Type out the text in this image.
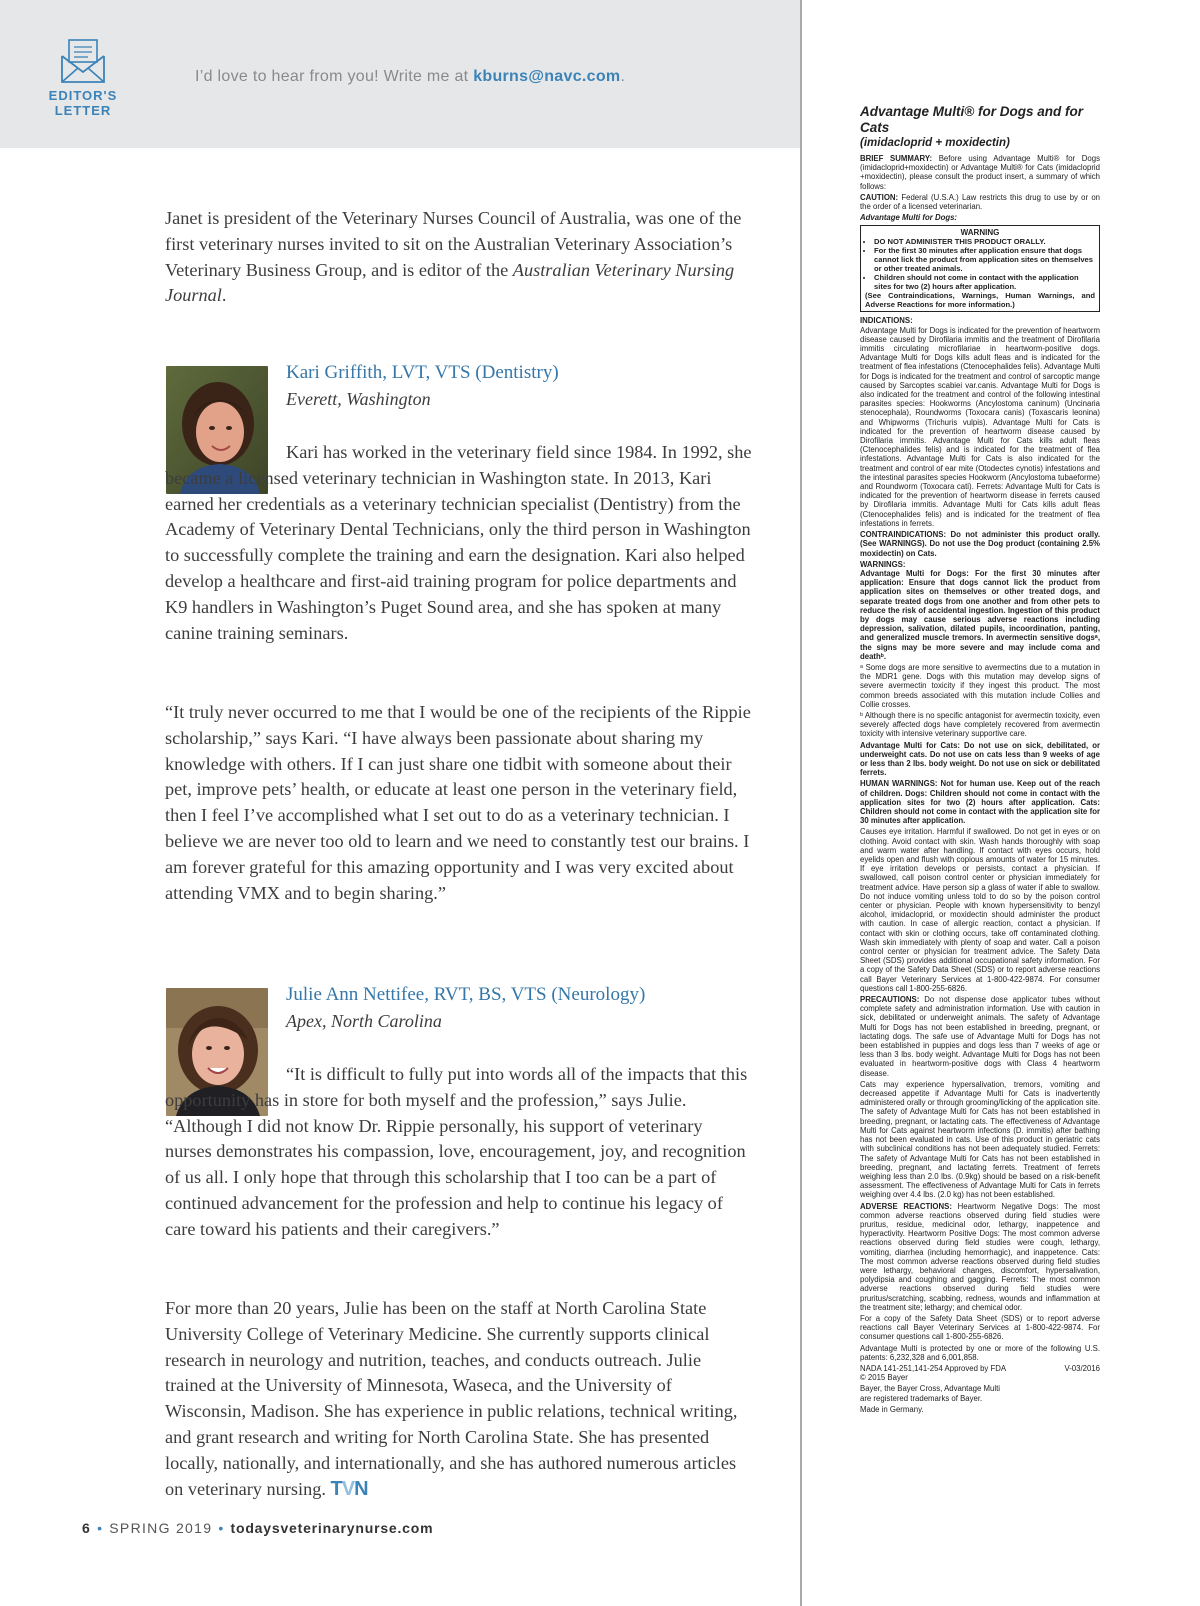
EDITOR'S
LETTER
I’d love to hear from you! Write me at kburns@navc.com.

Janet is president of the Veterinary Nurses Council of Australia, was one of the first veterinary nurses invited to sit on the Australian Veterinary Association’s Veterinary Business Group, and is editor of the Australian Veterinary Nursing Journal.

Kari Griffith, LVT, VTS (Dentistry)
Everett, Washington

Kari has worked in the veterinary field since 1984. In 1992, she became a licensed veterinary technician in Washington state. In 2013, Kari earned her credentials as a veterinary technician specialist (Dentistry) from the Academy of Veterinary Dental Technicians, only the third person in Washington to successfully complete the training and earn the designation. Kari also helped develop a healthcare and first-aid training program for police departments and K9 handlers in Washington’s Puget Sound area, and she has spoken at many canine training seminars.

“It truly never occurred to me that I would be one of the recipients of the Rippie scholarship,” says Kari. “I have always been passionate about sharing my knowledge with others. If I can just share one tidbit with someone about their pet, improve pets’ health, or educate at least one person in the veterinary field, then I feel I’ve accomplished what I set out to do as a veterinary technician. I believe we are never too old to learn and we need to constantly test our brains. I am forever grateful for this amazing opportunity and I was very excited about attending VMX and to begin sharing.”

Julie Ann Nettifee, RVT, BS, VTS (Neurology)
Apex, North Carolina

“It is difficult to fully put into words all of the impacts that this opportunity has in store for both myself and the profession,” says Julie. “Although I did not know Dr. Rippie personally, his support of veterinary nurses demonstrates his compassion, love, encouragement, joy, and recognition of us all. I only hope that through this scholarship that I too can be a part of continued advancement for the profession and help to continue his legacy of care toward his patients and their caregivers.”

For more than 20 years, Julie has been on the staff at North Carolina State University College of Veterinary Medicine. She currently supports clinical research in neurology and nutrition, teaches, and conducts outreach. Julie trained at the University of Minnesota, Waseca, and the University of Wisconsin, Madison. She has experience in public relations, technical writing, and grant research and writing for North Carolina State. She has presented locally, nationally, and internationally, and she has authored numerous articles on veterinary nursing. TVN

6 • SPRING 2019 • todaysveterinarynurse.com

Advantage Multi® for Dogs and for Cats

(imidacloprid + moxidectin)

BRIEF SUMMARY: Before using Advantage Multi® for Dogs (imidacloprid+moxidectin) or Advantage Multi® for Cats (imidacloprid +moxidectin), please consult the product insert, a summary of which follows:

CAUTION: Federal (U.S.A.) Law restricts this drug to use by or on the order of a licensed veterinarian.

Advantage Multi for Dogs:

WARNING
• DO NOT ADMINISTER THIS PRODUCT ORALLY.
• For the first 30 minutes after application ensure that dogs cannot lick the product from application sites on themselves or other treated animals.
• Children should not come in contact with the application sites for two (2) hours after application.
(See Contraindications, Warnings, Human Warnings, and Adverse Reactions for more information.)

INDICATIONS:
Advantage Multi for Dogs is indicated for the prevention of heartworm disease caused by Dirofilaria immitis and the treatment of Dirofilaria immitis circulating microfilariae in heartworm-positive dogs. Advantage Multi for Dogs kills adult fleas and is indicated for the treatment of flea infestations (Ctenocephalides felis). Advantage Multi for Dogs is indicated for the treatment and control of sarcoptic mange caused by Sarcoptes scabiei var.canis. Advantage Multi for Dogs is also indicated for the treatment and control of the following intestinal parasites species: Hookworms (Ancylostoma caninum) (Uncinaria stenocephala), Roundworms (Toxocara canis) (Toxascaris leonina) and Whipworms (Trichuris vulpis). Advantage Multi for Cats is indicated for the prevention of heartworm disease caused by Dirofilaria immitis. Advantage Multi for Cats kills adult fleas (Ctenocephalides felis) and is indicated for the treatment of flea infestations. Advantage Multi for Cats is also indicated for the treatment and control of ear mite (Otodectes cynotis) infestations and the intestinal parasites species Hookworm (Ancylostoma tubaeforme) and Roundworm (Toxocara cati). Ferrets: Advantage Multi for Cats is indicated for the prevention of heartworm disease in ferrets caused by Dirofilaria immitis. Advantage Multi for Cats kills adult fleas (Ctenocephalides felis) and is indicated for the treatment of flea infestations in ferrets.

CONTRAINDICATIONS: Do not administer this product orally. (See WARNINGS). Do not use the Dog product (containing 2.5% moxidectin) on Cats.

WARNINGS:
Advantage Multi for Dogs: For the first 30 minutes after application: Ensure that dogs cannot lick the product from application sites on themselves or other treated dogs, and separate treated dogs from one another and from other pets to reduce the risk of accidental ingestion. Ingestion of this product by dogs may cause serious adverse reactions including depression, salivation, dilated pupils, incoordination, panting, and generalized muscle tremors. In avermectin sensitive dogsᵃ, the signs may be more severe and may include coma and deathᵇ.

ᵃ Some dogs are more sensitive to avermectins due to a mutation in the MDR1 gene. Dogs with this mutation may develop signs of severe avermectin toxicity if they ingest this product. The most common breeds associated with this mutation include Collies and Collie crosses.

ᵇ Although there is no specific antagonist for avermectin toxicity, even severely affected dogs have completely recovered from avermectin toxicity with intensive veterinary supportive care.

Advantage Multi for Cats: Do not use on sick, debilitated, or underweight cats. Do not use on cats less than 9 weeks of age or less than 2 lbs. body weight. Do not use on sick or debilitated ferrets.

HUMAN WARNINGS: Not for human use. Keep out of the reach of children. Dogs: Children should not come in contact with the application sites for two (2) hours after application. Cats: Children should not come in contact with the application site for 30 minutes after application.

Causes eye irritation. Harmful if swallowed. Do not get in eyes or on clothing. Avoid contact with skin. Wash hands thoroughly with soap and warm water after handling. If contact with eyes occurs, hold eyelids open and flush with copious amounts of water for 15 minutes. If eye irritation develops or persists, contact a physician. If swallowed, call poison control center or physician immediately for treatment advice. Have person sip a glass of water if able to swallow. Do not induce vomiting unless told to do so by the poison control center or physician. People with known hypersensitivity to benzyl alcohol, imidacloprid, or moxidectin should administer the product with caution. In case of allergic reaction, contact a physician. If contact with skin or clothing occurs, take off contaminated clothing. Wash skin immediately with plenty of soap and water. Call a poison control center or physician for treatment advice. The Safety Data Sheet (SDS) provides additional occupational safety information. For a copy of the Safety Data Sheet (SDS) or to report adverse reactions call Bayer Veterinary Services at 1-800-422-9874. For consumer questions call 1-800-255-6826.

PRECAUTIONS: Do not dispense dose applicator tubes without complete safety and administration information. Use with caution in sick, debilitated or underweight animals. The safety of Advantage Multi for Dogs has not been established in breeding, pregnant, or lactating dogs. The safe use of Advantage Multi for Dogs has not been established in puppies and dogs less than 7 weeks of age or less than 3 lbs. body weight. Advantage Multi for Dogs has not been evaluated in heartworm-positive dogs with Class 4 heartworm disease.

Cats may experience hypersalivation, tremors, vomiting and decreased appetite if Advantage Multi for Cats is inadvertently administered orally or through grooming/licking of the application site. The safety of Advantage Multi for Cats has not been established in breeding, pregnant, or lactating cats. The effectiveness of Advantage Multi for Cats against heartworm infections (D. immitis) after bathing has not been evaluated in cats. Use of this product in geriatric cats with subclinical conditions has not been adequately studied. Ferrets: The safety of Advantage Multi for Cats has not been established in breeding, pregnant, and lactating ferrets. Treatment of ferrets weighing less than 2.0 lbs. (0.9kg) should be based on a risk-benefit assessment. The effectiveness of Advantage Multi for Cats in ferrets weighing over 4.4 lbs. (2.0 kg) has not been established.

ADVERSE REACTIONS: Heartworm Negative Dogs: The most common adverse reactions observed during field studies were pruritus, residue, medicinal odor, lethargy, inappetence and hyperactivity. Heartworm Positive Dogs: The most common adverse reactions observed during field studies were cough, lethargy, vomiting, diarrhea (including hemorrhagic), and inappetence. Cats: The most common adverse reactions observed during field studies were lethargy, behavioral changes, discomfort, hypersalivation, polydipsia and coughing and gagging. Ferrets: The most common adverse reactions observed during field studies were pruritus/scratching, scabbing, redness, wounds and inflammation at the treatment site; lethargy; and chemical odor.

For a copy of the Safety Data Sheet (SDS) or to report adverse reactions call Bayer Veterinary Services at 1-800-422-9874. For consumer questions call 1-800-255-6826.

Advantage Multi is protected by one or more of the following U.S. patents: 6,232,328 and 6,001,858.

NADA 141-251,141-254 Approved by FDA	V-03/2016

© 2015 Bayer

Bayer, the Bayer Cross, Advantage Multi are registered trademarks of Bayer.

Made in Germany.
